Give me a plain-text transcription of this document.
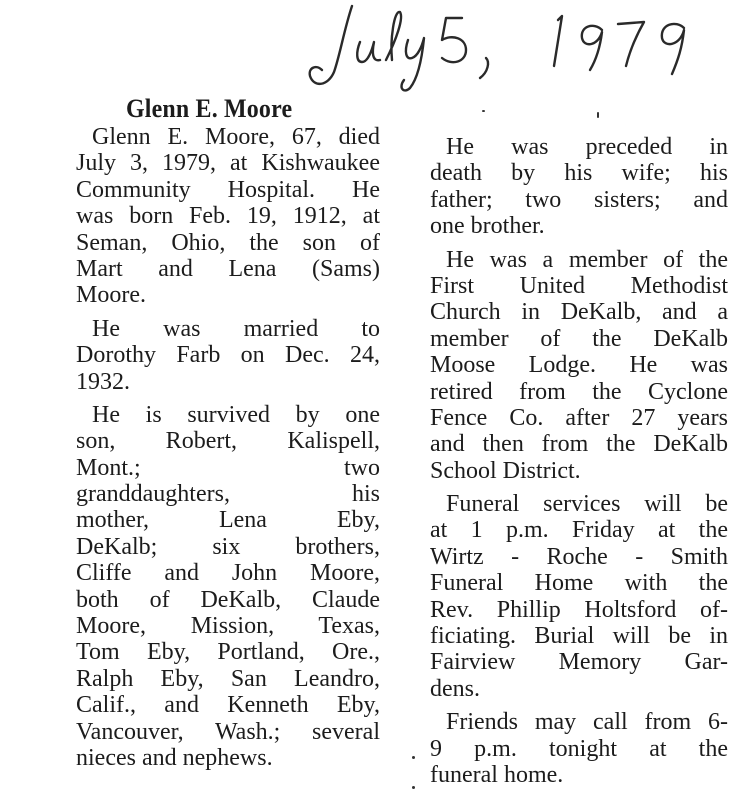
Glenn E. Moore
Glenn E. Moore, 67, died
July 3, 1979, at Kishwaukee
Community Hospital. He
was born Feb. 19, 1912, at
Seman, Ohio, the son of
Mart and Lena (Sams)
Moore.
He was married to
Dorothy Farb on Dec. 24,
1932.
He is survived by one
son, Robert, Kalispell,
Mont.; two
granddaughters, his
mother, Lena Eby,
DeKalb; six brothers,
Cliffe and John Moore,
both of DeKalb, Claude
Moore, Mission, Texas,
Tom Eby, Portland, Ore.,
Ralph Eby, San Leandro,
Calif., and Kenneth Eby,
Vancouver, Wash.; several
nieces and nephews.
He was preceded in
death by his wife; his
father; two sisters; and
one brother.
He was a member of the
First United Methodist
Church in DeKalb, and a
member of the DeKalb
Moose Lodge. He was
retired from the Cyclone
Fence Co. after 27 years
and then from the DeKalb
School District.
Funeral services will be
at 1 p.m. Friday at the
Wirtz - Roche - Smith
Funeral Home with the
Rev. Phillip Holtsford of-
ficiating. Burial will be in
Fairview Memory Gar-
dens.
Friends may call from 6-
9 p.m. tonight at the
funeral home.
